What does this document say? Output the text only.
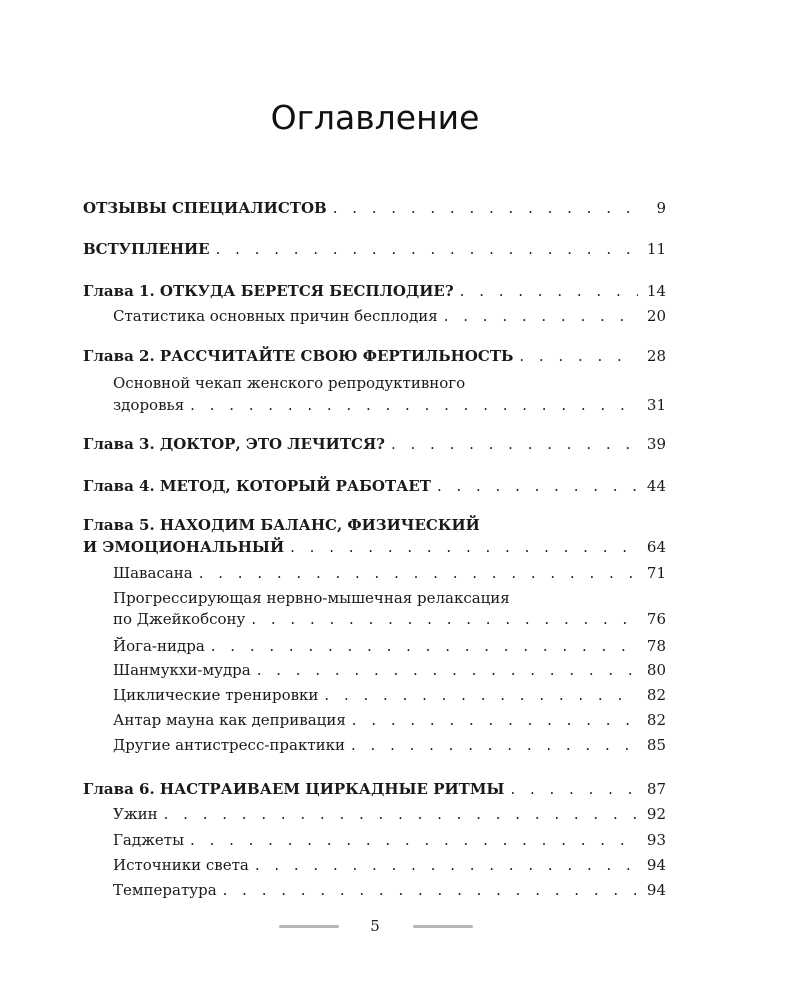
Оглавление
ОТЗЫВЫ СПЕЦИАЛИСТОВ . . .	9
ВСТУПЛЕНИЕ . . .	11
Глава 1. ОТКУДА БЕРЕТСЯ БЕСПЛОДИЕ? . . .	14
Статистика основных причин бесплодия . . .	20
Глава 2. РАССЧИТАЙТЕ СВОЮ ФЕРТИЛЬНОСТЬ . . .	28
Основной чекап женского репродуктивного
здоровья . . .	31
Глава 3. ДОКТОР, ЭТО ЛЕЧИТСЯ? . . .	39
Глава 4. МЕТОД, КОТОРЫЙ РАБОТАЕТ . . .	44
Глава 5. НАХОДИМ БАЛАНС, ФИЗИЧЕСКИЙ
И ЭМОЦИОНАЛЬНЫЙ . . .	64
Шавасана . . .	71
Прогрессирующая нервно-мышечная релаксация
по Джейкобсону . . .	76
Йога-нидра . . .	78
Шанмукхи-мудра . . .	80
Циклические тренировки . . .	82
Антар мауна как депривация . . .	82
Другие антистресс-практики . . .	85
Глава 6. НАСТРАИВАЕМ ЦИРКАДНЫЕ РИТМЫ . . .	87
Ужин . . .	92
Гаджеты . . .	93
Источники света . . .	94
Температура . . .	94
5
